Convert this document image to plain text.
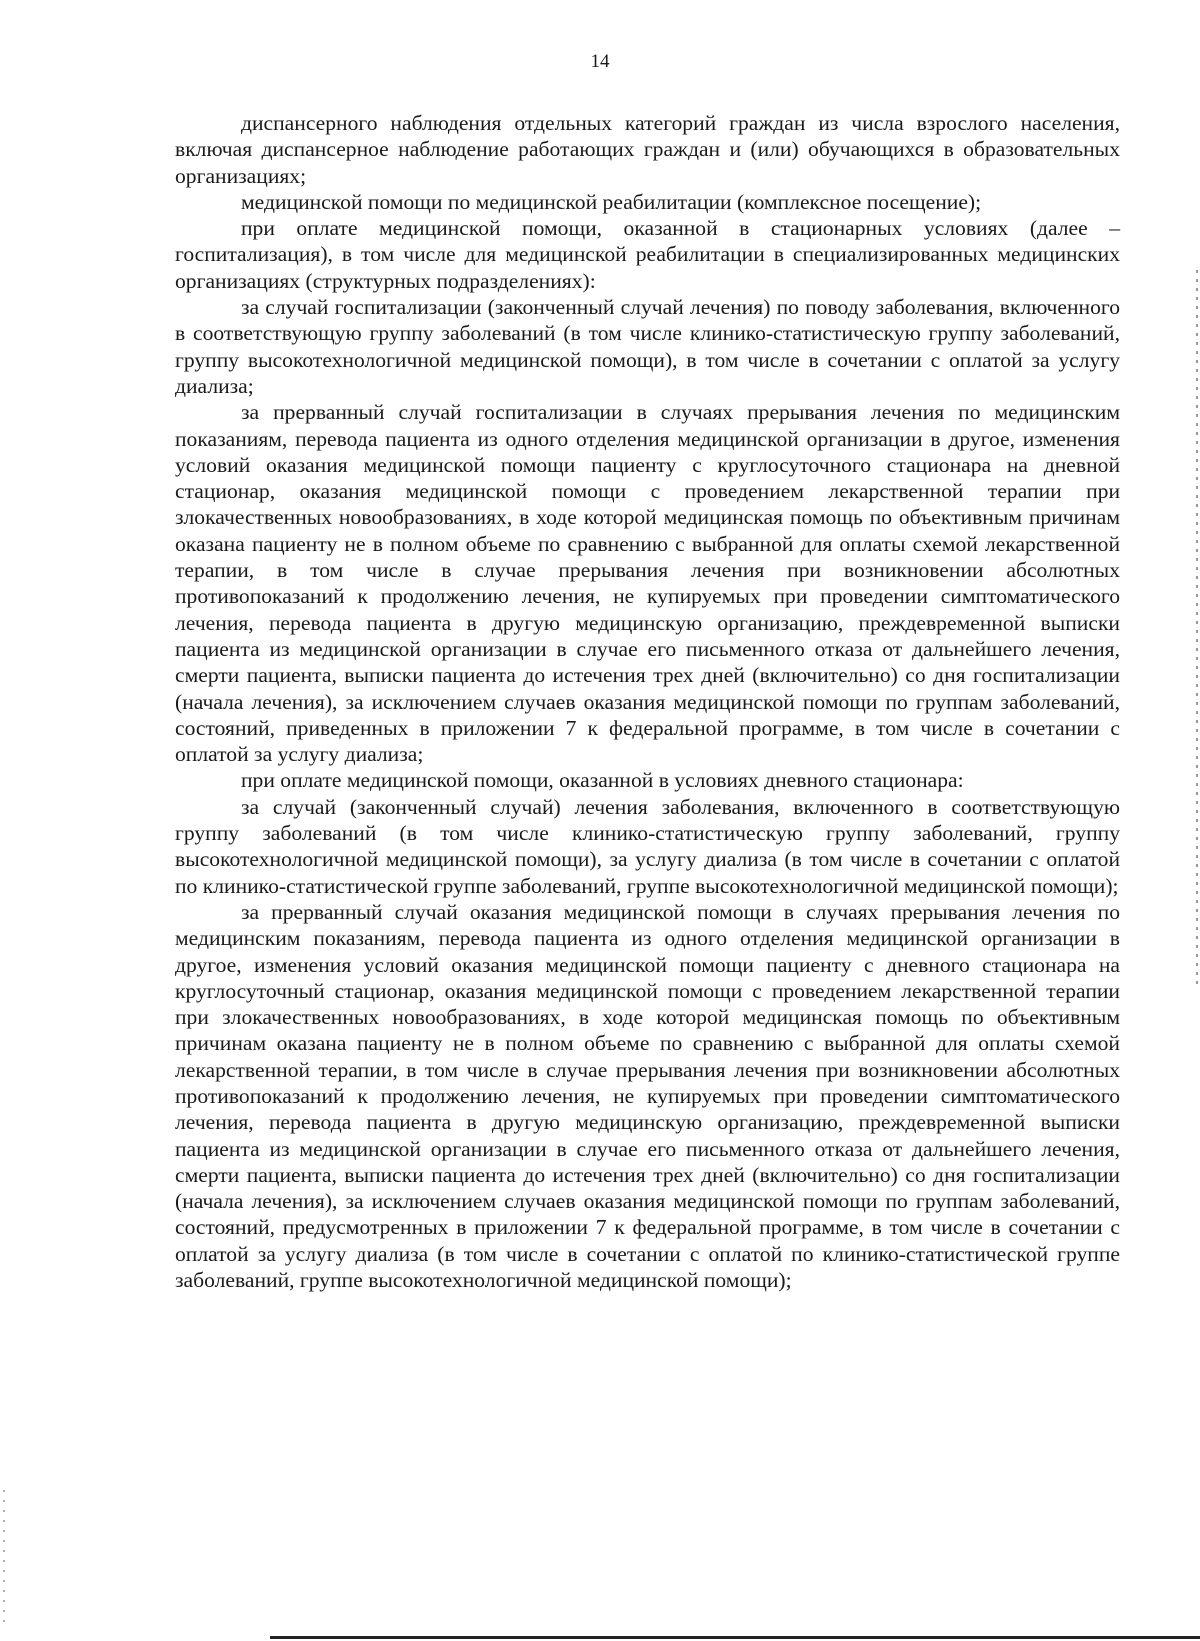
14

диспансерного наблюдения отдельных категорий граждан из числа взрослого населения, включая диспансерное наблюдение работающих граждан и (или) обучающихся в образовательных организациях;

медицинской помощи по медицинской реабилитации (комплексное посещение);

при оплате медицинской помощи, оказанной в стационарных условиях (далее – госпитализация), в том числе для медицинской реабилитации в специализированных медицинских организациях (структурных подразделениях):

за случай госпитализации (законченный случай лечения) по поводу заболевания, включенного в соответствующую группу заболеваний (в том числе клинико-статистическую группу заболеваний, группу высокотехнологичной медицинской помощи), в том числе в сочетании с оплатой за услугу диализа;

за прерванный случай госпитализации в случаях прерывания лечения по медицинским показаниям, перевода пациента из одного отделения медицинской организации в другое, изменения условий оказания медицинской помощи пациенту с круглосуточного стационара на дневной стационар, оказания медицинской помощи с проведением лекарственной терапии при злокачественных новообразованиях, в ходе которой медицинская помощь по объективным причинам оказана пациенту не в полном объеме по сравнению с выбранной для оплаты схемой лекарственной терапии, в том числе в случае прерывания лечения при возникновении абсолютных противопоказаний к продолжению лечения, не купируемых при проведении симптоматического лечения, перевода пациента в другую медицинскую организацию, преждевременной выписки пациента из медицинской организации в случае его письменного отказа от дальнейшего лечения, смерти пациента, выписки пациента до истечения трех дней (включительно) со дня госпитализации (начала лечения), за исключением случаев оказания медицинской помощи по группам заболеваний, состояний, приведенных в приложении 7 к федеральной программе, в том числе в сочетании с оплатой за услугу диализа;

при оплате медицинской помощи, оказанной в условиях дневного стационара:

за случай (законченный случай) лечения заболевания, включенного в соответствующую группу заболеваний (в том числе клинико-статистическую группу заболеваний, группу высокотехнологичной медицинской помощи), за услугу диализа (в том числе в сочетании с оплатой по клинико-статистической группе заболеваний, группе высокотехнологичной медицинской помощи);

за прерванный случай оказания медицинской помощи в случаях прерывания лечения по медицинским показаниям, перевода пациента из одного отделения медицинской организации в другое, изменения условий оказания медицинской помощи пациенту с дневного стационара на круглосуточный стационар, оказания медицинской помощи с проведением лекарственной терапии при злокачественных новообразованиях, в ходе которой медицинская помощь по объективным причинам оказана пациенту не в полном объеме по сравнению с выбранной для оплаты схемой лекарственной терапии, в том числе в случае прерывания лечения при возникновении абсолютных противопоказаний к продолжению лечения, не купируемых при проведении симптоматического лечения, перевода пациента в другую медицинскую организацию, преждевременной выписки пациента из медицинской организации в случае его письменного отказа от дальнейшего лечения, смерти пациента, выписки пациента до истечения трех дней (включительно) со дня госпитализации (начала лечения), за исключением случаев оказания медицинской помощи по группам заболеваний, состояний, предусмотренных в приложении 7 к федеральной программе, в том числе в сочетании с оплатой за услугу диализа (в том числе в сочетании с оплатой по клинико-статистической группе заболеваний, группе высокотехнологичной медицинской помощи);
